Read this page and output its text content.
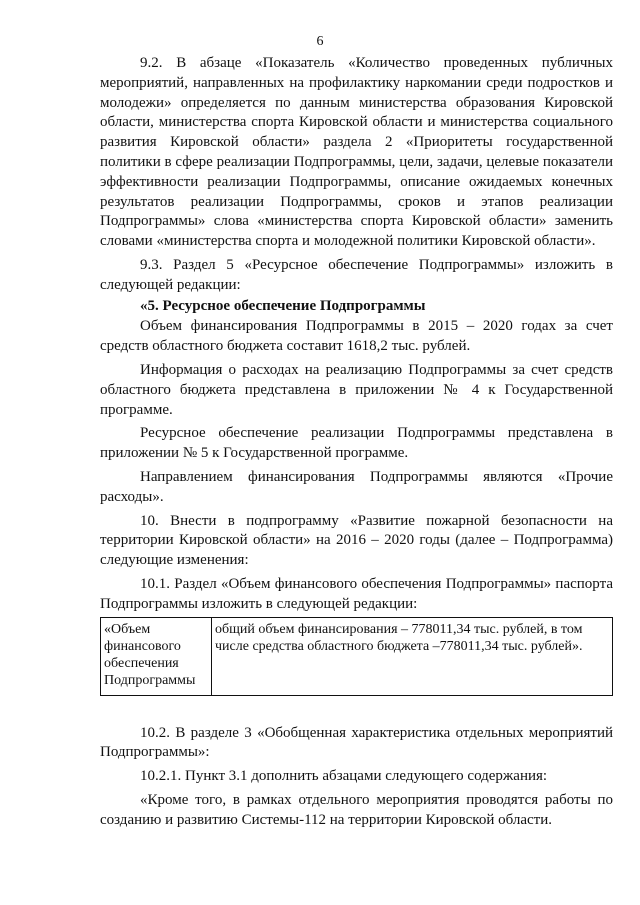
6

9.2. В абзаце «Показатель «Количество проведенных публичных мероприятий, направленных на профилактику наркомании среди подростков и молодежи» определяется по данным министерства образования Кировской области, министерства спорта Кировской области и министерства социального развития Кировской области» раздела 2 «Приоритеты государственной политики в сфере реализации Подпрограммы, цели, задачи, целевые показатели эффективности реализации Подпрограммы, описание ожидаемых конечных результатов реализации Подпрограммы, сроков и этапов реализации Подпрограммы» слова «министерства спорта Кировской области» заменить словами «министерства спорта и молодежной политики Кировской области».

9.3. Раздел 5 «Ресурсное обеспечение Подпрограммы» изложить в следующей редакции:

«5. Ресурсное обеспечение Подпрограммы

Объем финансирования Подпрограммы в 2015 – 2020 годах за счет средств областного бюджета составит 1618,2 тыс. рублей.

Информация о расходах на реализацию Подпрограммы за счет средств областного бюджета представлена в приложении № 4 к Государственной программе.

Ресурсное обеспечение реализации Подпрограммы представлена в приложении № 5 к Государственной программе.

Направлением финансирования Подпрограммы являются «Прочие расходы».

10. Внести в подпрограмму «Развитие пожарной безопасности на территории Кировской области» на 2016 – 2020 годы (далее – Подпрограмма) следующие изменения:

10.1. Раздел «Объем финансового обеспечения Подпрограммы» паспорта Подпрограммы изложить в следующей редакции:

«Объем финансового обеспечения Подпрограммы	общий объем финансирования – 778011,34 тыс. рублей, в том числе средства областного бюджета –778011,34 тыс. рублей».

10.2. В разделе 3 «Обобщенная характеристика отдельных мероприятий Подпрограммы»:

10.2.1. Пункт 3.1 дополнить абзацами следующего содержания:

«Кроме того, в рамках отдельного мероприятия проводятся работы по созданию и развитию Системы-112 на территории Кировской области.
